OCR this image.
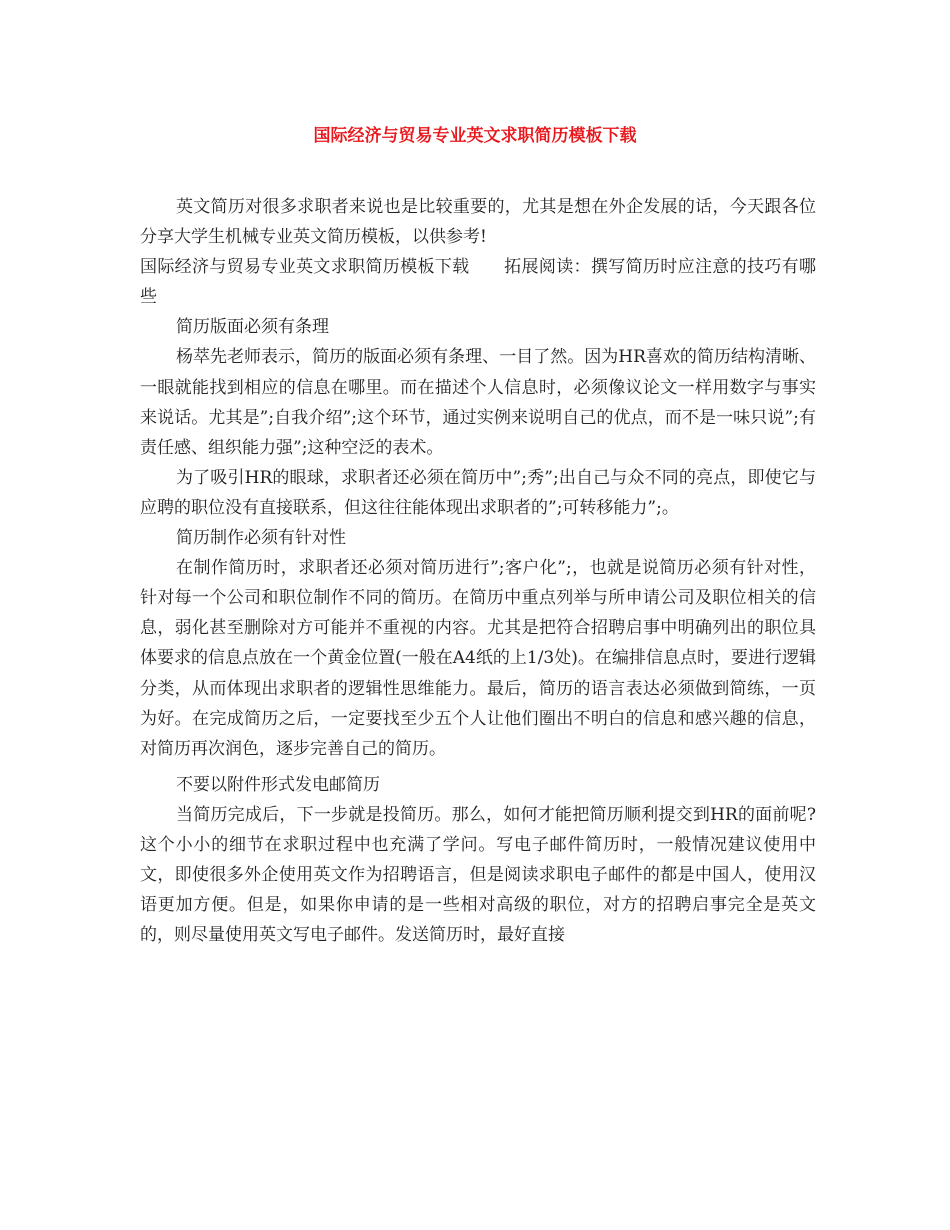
国际经济与贸易专业英文求职简历模板下载

英文简历对很多求职者来说也是比较重要的，尤其是想在外企发展的话，今天跟各位分享大学生机械专业英文简历模板，以供参考!

国际经济与贸易专业英文求职简历模板下载　　拓展阅读：撰写简历时应注意的技巧有哪些

简历版面必须有条理

杨萃先老师表示，简历的版面必须有条理、一目了然。因为HR喜欢的简历结构清晰、一眼就能找到相应的信息在哪里。而在描述个人信息时，必须像议论文一样用数字与事实来说话。尤其是”;自我介绍”;这个环节，通过实例来说明自己的优点，而不是一味只说”;有责任感、组织能力强”;这种空泛的表术。

为了吸引HR的眼球，求职者还必须在简历中”;秀”;出自己与众不同的亮点，即使它与应聘的职位没有直接联系，但这往往能体现出求职者的”;可转移能力”;。

简历制作必须有针对性

在制作简历时，求职者还必须对简历进行”;客户化”;，也就是说简历必须有针对性，针对每一个公司和职位制作不同的简历。在简历中重点列举与所申请公司及职位相关的信息，弱化甚至删除对方可能并不重视的内容。尤其是把符合招聘启事中明确列出的职位具体要求的信息点放在一个黄金位置(一般在A4纸的上1/3处)。在编排信息点时，要进行逻辑分类，从而体现出求职者的逻辑性思维能力。最后，简历的语言表达必须做到简练，一页为好。在完成简历之后，一定要找至少五个人让他们圈出不明白的信息和感兴趣的信息，对简历再次润色，逐步完善自己的简历。

不要以附件形式发电邮简历

当简历完成后，下一步就是投简历。那么，如何才能把简历顺利提交到HR的面前呢?这个小小的细节在求职过程中也充满了学问。写电子邮件简历时，一般情况建议使用中文，即使很多外企使用英文作为招聘语言，但是阅读求职电子邮件的都是中国人，使用汉语更加方便。但是，如果你申请的是一些相对高级的职位，对方的招聘启事完全是英文的，则尽量使用英文写电子邮件。发送简历时，最好直接
